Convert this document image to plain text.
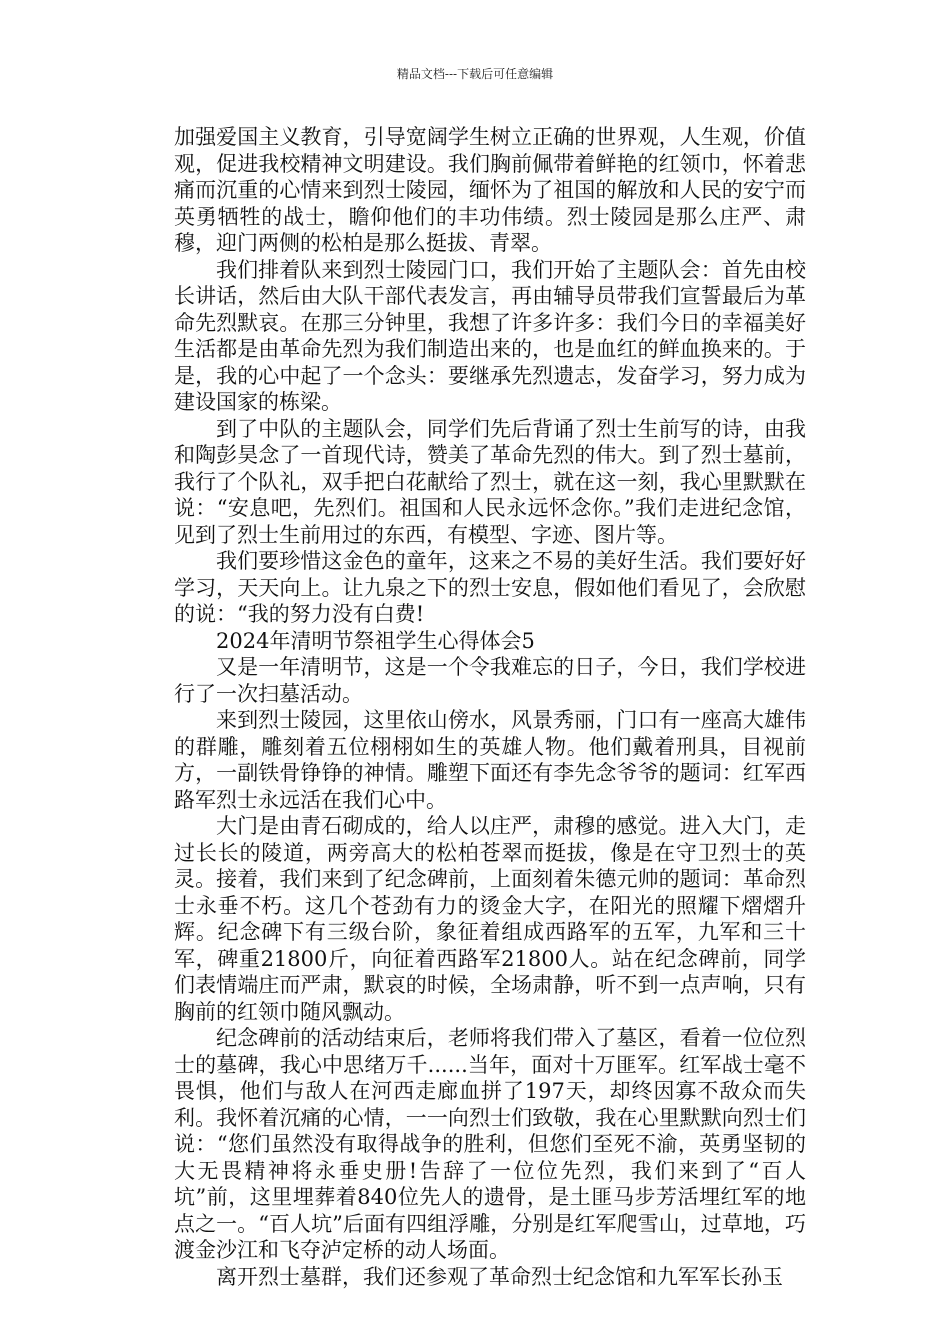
精品文档---下载后可任意编辑

加强爱国主义教育，引导宽阔学生树立正确的世界观，人生观，价值观，促进我校精神文明建设。我们胸前佩带着鲜艳的红领巾，怀着悲痛而沉重的心情来到烈士陵园，缅怀为了祖国的解放和人民的安宁而英勇牺牲的战士，瞻仰他们的丰功伟绩。烈士陵园是那么庄严、肃穆，迎门两侧的松柏是那么挺拔、青翠。

我们排着队来到烈士陵园门口，我们开始了主题队会：首先由校长讲话，然后由大队干部代表发言，再由辅导员带我们宣誓最后为革命先烈默哀。在那三分钟里，我想了许多许多：我们今日的幸福美好生活都是由革命先烈为我们制造出来的，也是血红的鲜血换来的。于是，我的心中起了一个念头：要继承先烈遗志，发奋学习，努力成为建设国家的栋梁。

到了中队的主题队会，同学们先后背诵了烈士生前写的诗，由我和陶彭昊念了一首现代诗，赞美了革命先烈的伟大。到了烈士墓前，我行了个队礼，双手把白花献给了烈士，就在这一刻，我心里默默在说：“安息吧，先烈们。祖国和人民永远怀念你。”我们走进纪念馆，见到了烈士生前用过的东西，有模型、字迹、图片等。

我们要珍惜这金色的童年，这来之不易的美好生活。我们要好好学习，天天向上。让九泉之下的烈士安息，假如他们看见了，会欣慰的说：“我的努力没有白费!

2024年清明节祭祖学生心得体会5

又是一年清明节，这是一个令我难忘的日子，今日，我们学校进行了一次扫墓活动。

来到烈士陵园，这里依山傍水，风景秀丽，门口有一座高大雄伟的群雕，雕刻着五位栩栩如生的英雄人物。他们戴着刑具，目视前方，一副铁骨铮铮的神情。雕塑下面还有李先念爷爷的题词：红军西路军烈士永远活在我们心中。

大门是由青石砌成的，给人以庄严，肃穆的感觉。进入大门，走过长长的陵道，两旁高大的松柏苍翠而挺拔，像是在守卫烈士的英灵。接着，我们来到了纪念碑前，上面刻着朱德元帅的题词：革命烈士永垂不朽。这几个苍劲有力的烫金大字，在阳光的照耀下熠熠升辉。纪念碑下有三级台阶，象征着组成西路军的五军，九军和三十军，碑重21800斤，向征着西路军21800人。站在纪念碑前，同学们表情端庄而严肃，默哀的时候，全场肃静，听不到一点声响，只有胸前的红领巾随风飘动。

纪念碑前的活动结束后，老师将我们带入了墓区，看着一位位烈士的墓碑，我心中思绪万千......当年，面对十万匪军。红军战士毫不畏惧，他们与敌人在河西走廊血拼了197天，却终因寡不敌众而失利。我怀着沉痛的心情，一一向烈士们致敬，我在心里默默向烈士们说：“您们虽然没有取得战争的胜利，但您们至死不渝，英勇坚韧的大无畏精神将永垂史册!告辞了一位位先烈，我们来到了“百人坑”前，这里埋葬着840位先人的遗骨，是土匪马步芳活埋红军的地点之一。“百人坑”后面有四组浮雕，分别是红军爬雪山，过草地，巧渡金沙江和飞夺泸定桥的动人场面。

离开烈士墓群，我们还参观了革命烈士纪念馆和九军军长孙玉
